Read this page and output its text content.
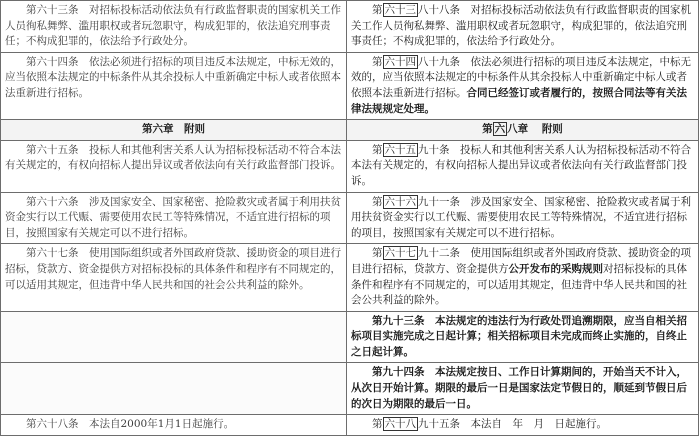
第六十三条　对招标投标活动依法负有行政监督职责的国家机关工作人员徇私舞弊、滥用职权或者玩忽职守，构成犯罪的，依法追究刑事责任；不构成犯罪的，依法给予行政处分。	第 六十三 八十八条　对招标投标活动依法负有行政监督职责的国家机关工作人员徇私舞弊、滥用职权或者玩忽职守，构成犯罪的，依法追究刑事责任；不构成犯罪的，依法给予行政处分。

第六十四条　依法必须进行招标的项目违反本法规定，中标无效的，应当依照本法规定的中标条件从其余投标人中重新确定中标人或者依照本法重新进行招标。	第 六十四 八十九条　依法必须进行招标的项目违反本法规定，中标无效的，应当依照本法规定的中标条件从其余投标人中重新确定中标人或者依照本法重新进行招标。合同已经签订或者履行的，按照合同法等有关法律法规规定处理。

第六章　附则	第 六 八章 附则

第六十五条　投标人和其他利害关系人认为招标投标活动不符合本法有关规定的，有权向招标人提出异议或者依法向有关行政监督部门投诉。	第 六十五 九十条　投标人和其他利害关系人认为招标投标活动不符合本法有关规定的，有权向招标人提出异议或者依法向有关行政监督部门投诉。

第六十六条　涉及国家安全、国家秘密、抢险救灾或者属于利用扶贫资金实行以工代赈、需要使用农民工等特殊情况，不适宜进行招标的项目，按照国家有关规定可以不进行招标。	第 六十六 九十一条　涉及国家安全、国家秘密、抢险救灾或者属于利用扶贫资金实行以工代赈、需要使用农民工等特殊情况，不适宜进行招标的项目，按照国家有关规定可以不进行招标。

第六十七条　使用国际组织或者外国政府贷款、援助资金的项目进行招标，贷款方、资金提供方对招标投标的具体条件和程序有不同规定的，可以适用其规定，但违背中华人民共和国的社会公共利益的除外。	第 六十七 九十二条　使用国际组织或者外国政府贷款、援助资金的项目进行招标，贷款方、资金提供方公开发布的采购规则对招标投标的具体条件和程序有不同规定的，可以适用其规定，但违背中华人民共和国的社会公共利益的除外。

	第九十三条　本法规定的违法行为行政处罚追溯期限，应当自相关招标项目实施完成之日起计算；相关招标项目未完成而终止实施的，自终止之日起计算。

	第九十四条　本法规定按日、工作日计算期间的，开始当天不计入，从次日开始计算。期限的最后一日是国家法定节假日的，顺延到节假日后的次日为期限的最后一日。

第六十八条　本法自2000年1月1日起施行。	第 六十八 九十五条　本法自　年　月　日起施行。
